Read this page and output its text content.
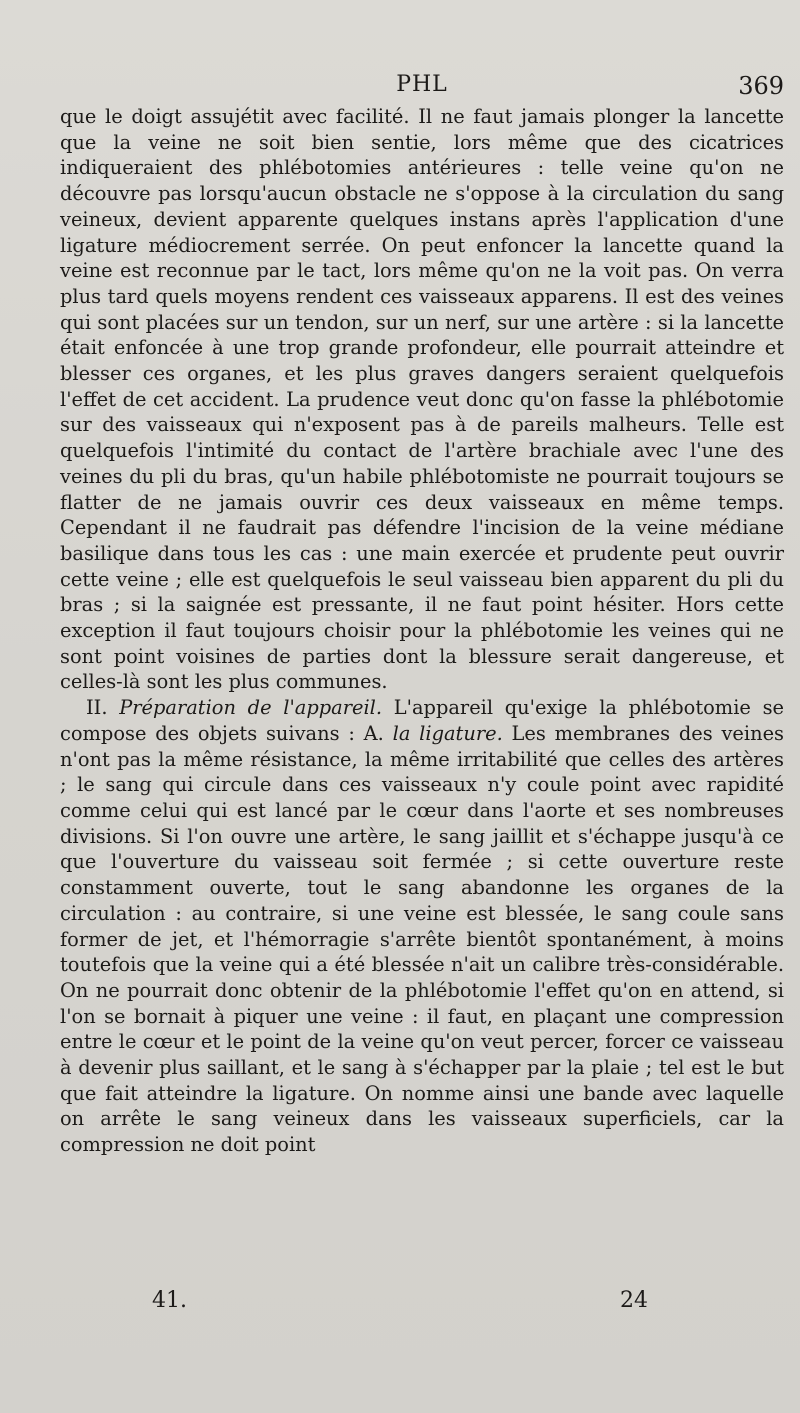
PHL	369

que le doigt assujétit avec facilité. Il ne faut jamais plonger la lancette que la veine ne soit bien sentie, lors même que des cicatrices indiqueraient des phlébotomies antérieures : telle veine qu'on ne découvre pas lorsqu'aucun obstacle ne s'oppose à la circulation du sang veineux, devient apparente quelques instans après l'application d'une ligature médiocrement serrée. On peut enfoncer la lancette quand la veine est reconnue par le tact, lors même qu'on ne la voit pas. On verra plus tard quels moyens rendent ces vaisseaux apparens. Il est des veines qui sont placées sur un tendon, sur un nerf, sur une artère : si la lancette était enfoncée à une trop grande profondeur, elle pourrait atteindre et blesser ces organes, et les plus graves dangers seraient quelquefois l'effet de cet accident. La prudence veut donc qu'on fasse la phlébotomie sur des vaisseaux qui n'exposent pas à de pareils malheurs. Telle est quelquefois l'intimité du contact de l'artère brachiale avec l'une des veines du pli du bras, qu'un habile phlébotomiste ne pourrait toujours se flatter de ne jamais ouvrir ces deux vaisseaux en même temps. Cependant il ne faudrait pas défendre l'incision de la veine médiane basilique dans tous les cas : une main exercée et prudente peut ouvrir cette veine ; elle est quelquefois le seul vaisseau bien apparent du pli du bras ; si la saignée est pressante, il ne faut point hésiter. Hors cette exception il faut toujours choisir pour la phlébotomie les veines qui ne sont point voisines de parties dont la blessure serait dangereuse, et celles-là sont les plus communes.

II. Préparation de l'appareil. L'appareil qu'exige la phlébotomie se compose des objets suivans : A. la ligature. Les membranes des veines n'ont pas la même résistance, la même irritabilité que celles des artères ; le sang qui circule dans ces vaisseaux n'y coule point avec rapidité comme celui qui est lancé par le cœur dans l'aorte et ses nombreuses divisions. Si l'on ouvre une artère, le sang jaillit et s'échappe jusqu'à ce que l'ouverture du vaisseau soit fermée ; si cette ouverture reste constamment ouverte, tout le sang abandonne les organes de la circulation : au contraire, si une veine est blessée, le sang coule sans former de jet, et l'hémorragie s'arrête bientôt spontanément, à moins toutefois que la veine qui a été blessée n'ait un calibre très-considérable. On ne pourrait donc obtenir de la phlébotomie l'effet qu'on en attend, si l'on se bornait à piquer une veine : il faut, en plaçant une compression entre le cœur et le point de la veine qu'on veut percer, forcer ce vaisseau à devenir plus saillant, et le sang à s'échapper par la plaie ; tel est le but que fait atteindre la ligature. On nomme ainsi une bande avec laquelle on arrête le sang veineux dans les vaisseaux superficiels, car la compression ne doit point

41.	24
